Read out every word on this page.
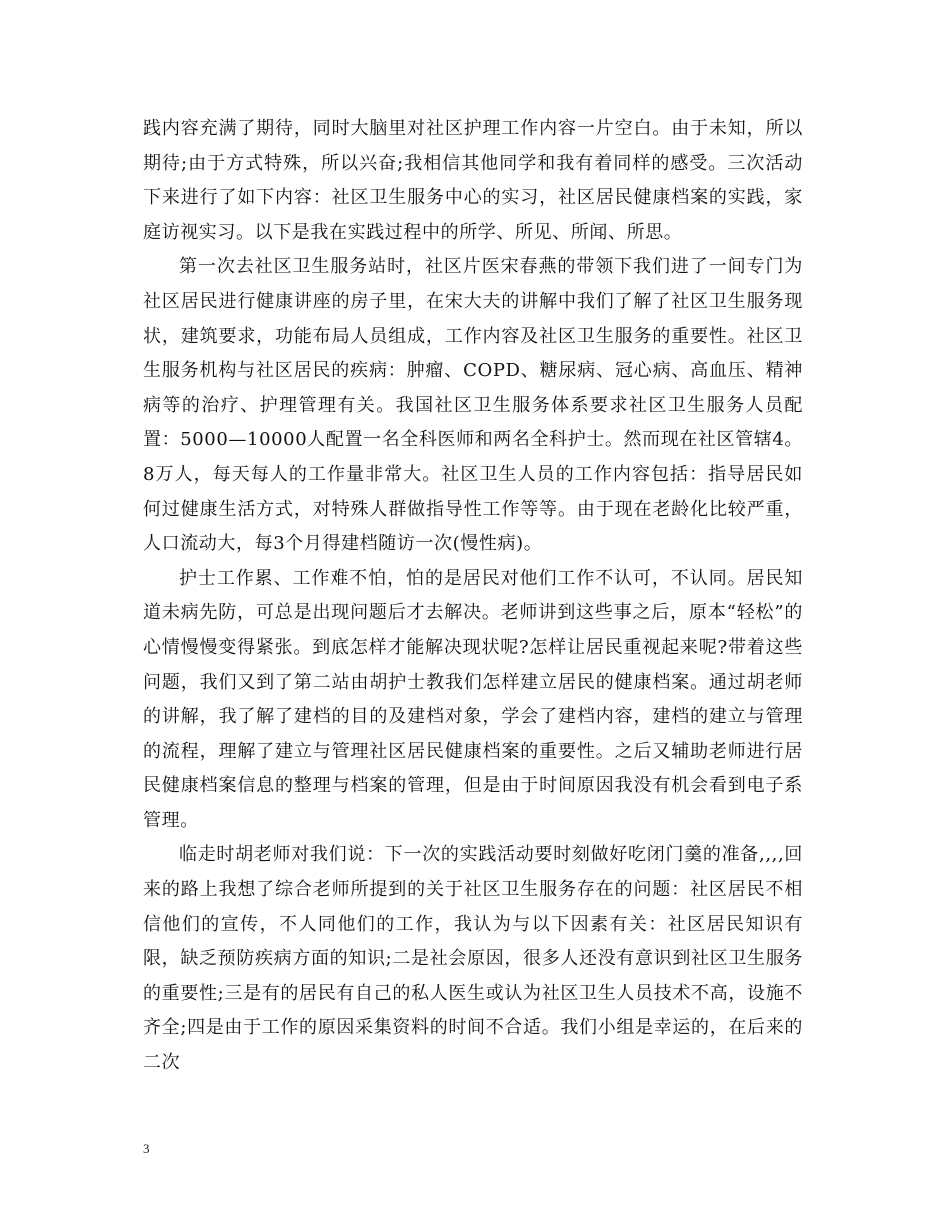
践内容充满了期待，同时大脑里对社区护理工作内容一片空白。由于未知，所以期待;由于方式特殊，所以兴奋;我相信其他同学和我有着同样的感受。三次活动下来进行了如下内容：社区卫生服务中心的实习，社区居民健康档案的实践，家庭访视实习。以下是我在实践过程中的所学、所见、所闻、所思。

第一次去社区卫生服务站时，社区片医宋春燕的带领下我们进了一间专门为社区居民进行健康讲座的房子里，在宋大夫的讲解中我们了解了社区卫生服务现状，建筑要求，功能布局人员组成，工作内容及社区卫生服务的重要性。社区卫生服务机构与社区居民的疾病：肿瘤、COPD、糖尿病、冠心病、高血压、精神病等的治疗、护理管理有关。我国社区卫生服务体系要求社区卫生服务人员配置：5000—10000人配置一名全科医师和两名全科护士。然而现在社区管辖4。8万人，每天每人的工作量非常大。社区卫生人员的工作内容包括：指导居民如何过健康生活方式，对特殊人群做指导性工作等等。由于现在老龄化比较严重，人口流动大，每3个月得建档随访一次(慢性病)。

护士工作累、工作难不怕，怕的是居民对他们工作不认可，不认同。居民知道未病先防，可总是出现问题后才去解决。老师讲到这些事之后，原本“轻松”的心情慢慢变得紧张。到底怎样才能解决现状呢?怎样让居民重视起来呢?带着这些问题，我们又到了第二站由胡护士教我们怎样建立居民的健康档案。通过胡老师的讲解，我了解了建档的目的及建档对象，学会了建档内容，建档的建立与管理的流程，理解了建立与管理社区居民健康档案的重要性。之后又辅助老师进行居民健康档案信息的整理与档案的管理，但是由于时间原因我没有机会看到电子系管理。

临走时胡老师对我们说：下一次的实践活动要时刻做好吃闭门羹的准备,,,,回来的路上我想了综合老师所提到的关于社区卫生服务存在的问题：社区居民不相信他们的宣传，不人同他们的工作，我认为与以下因素有关：社区居民知识有限，缺乏预防疾病方面的知识;二是社会原因，很多人还没有意识到社区卫生服务的重要性;三是有的居民有自己的私人医生或认为社区卫生人员技术不高，设施不齐全;四是由于工作的原因采集资料的时间不合适。我们小组是幸运的，在后来的二次

3
